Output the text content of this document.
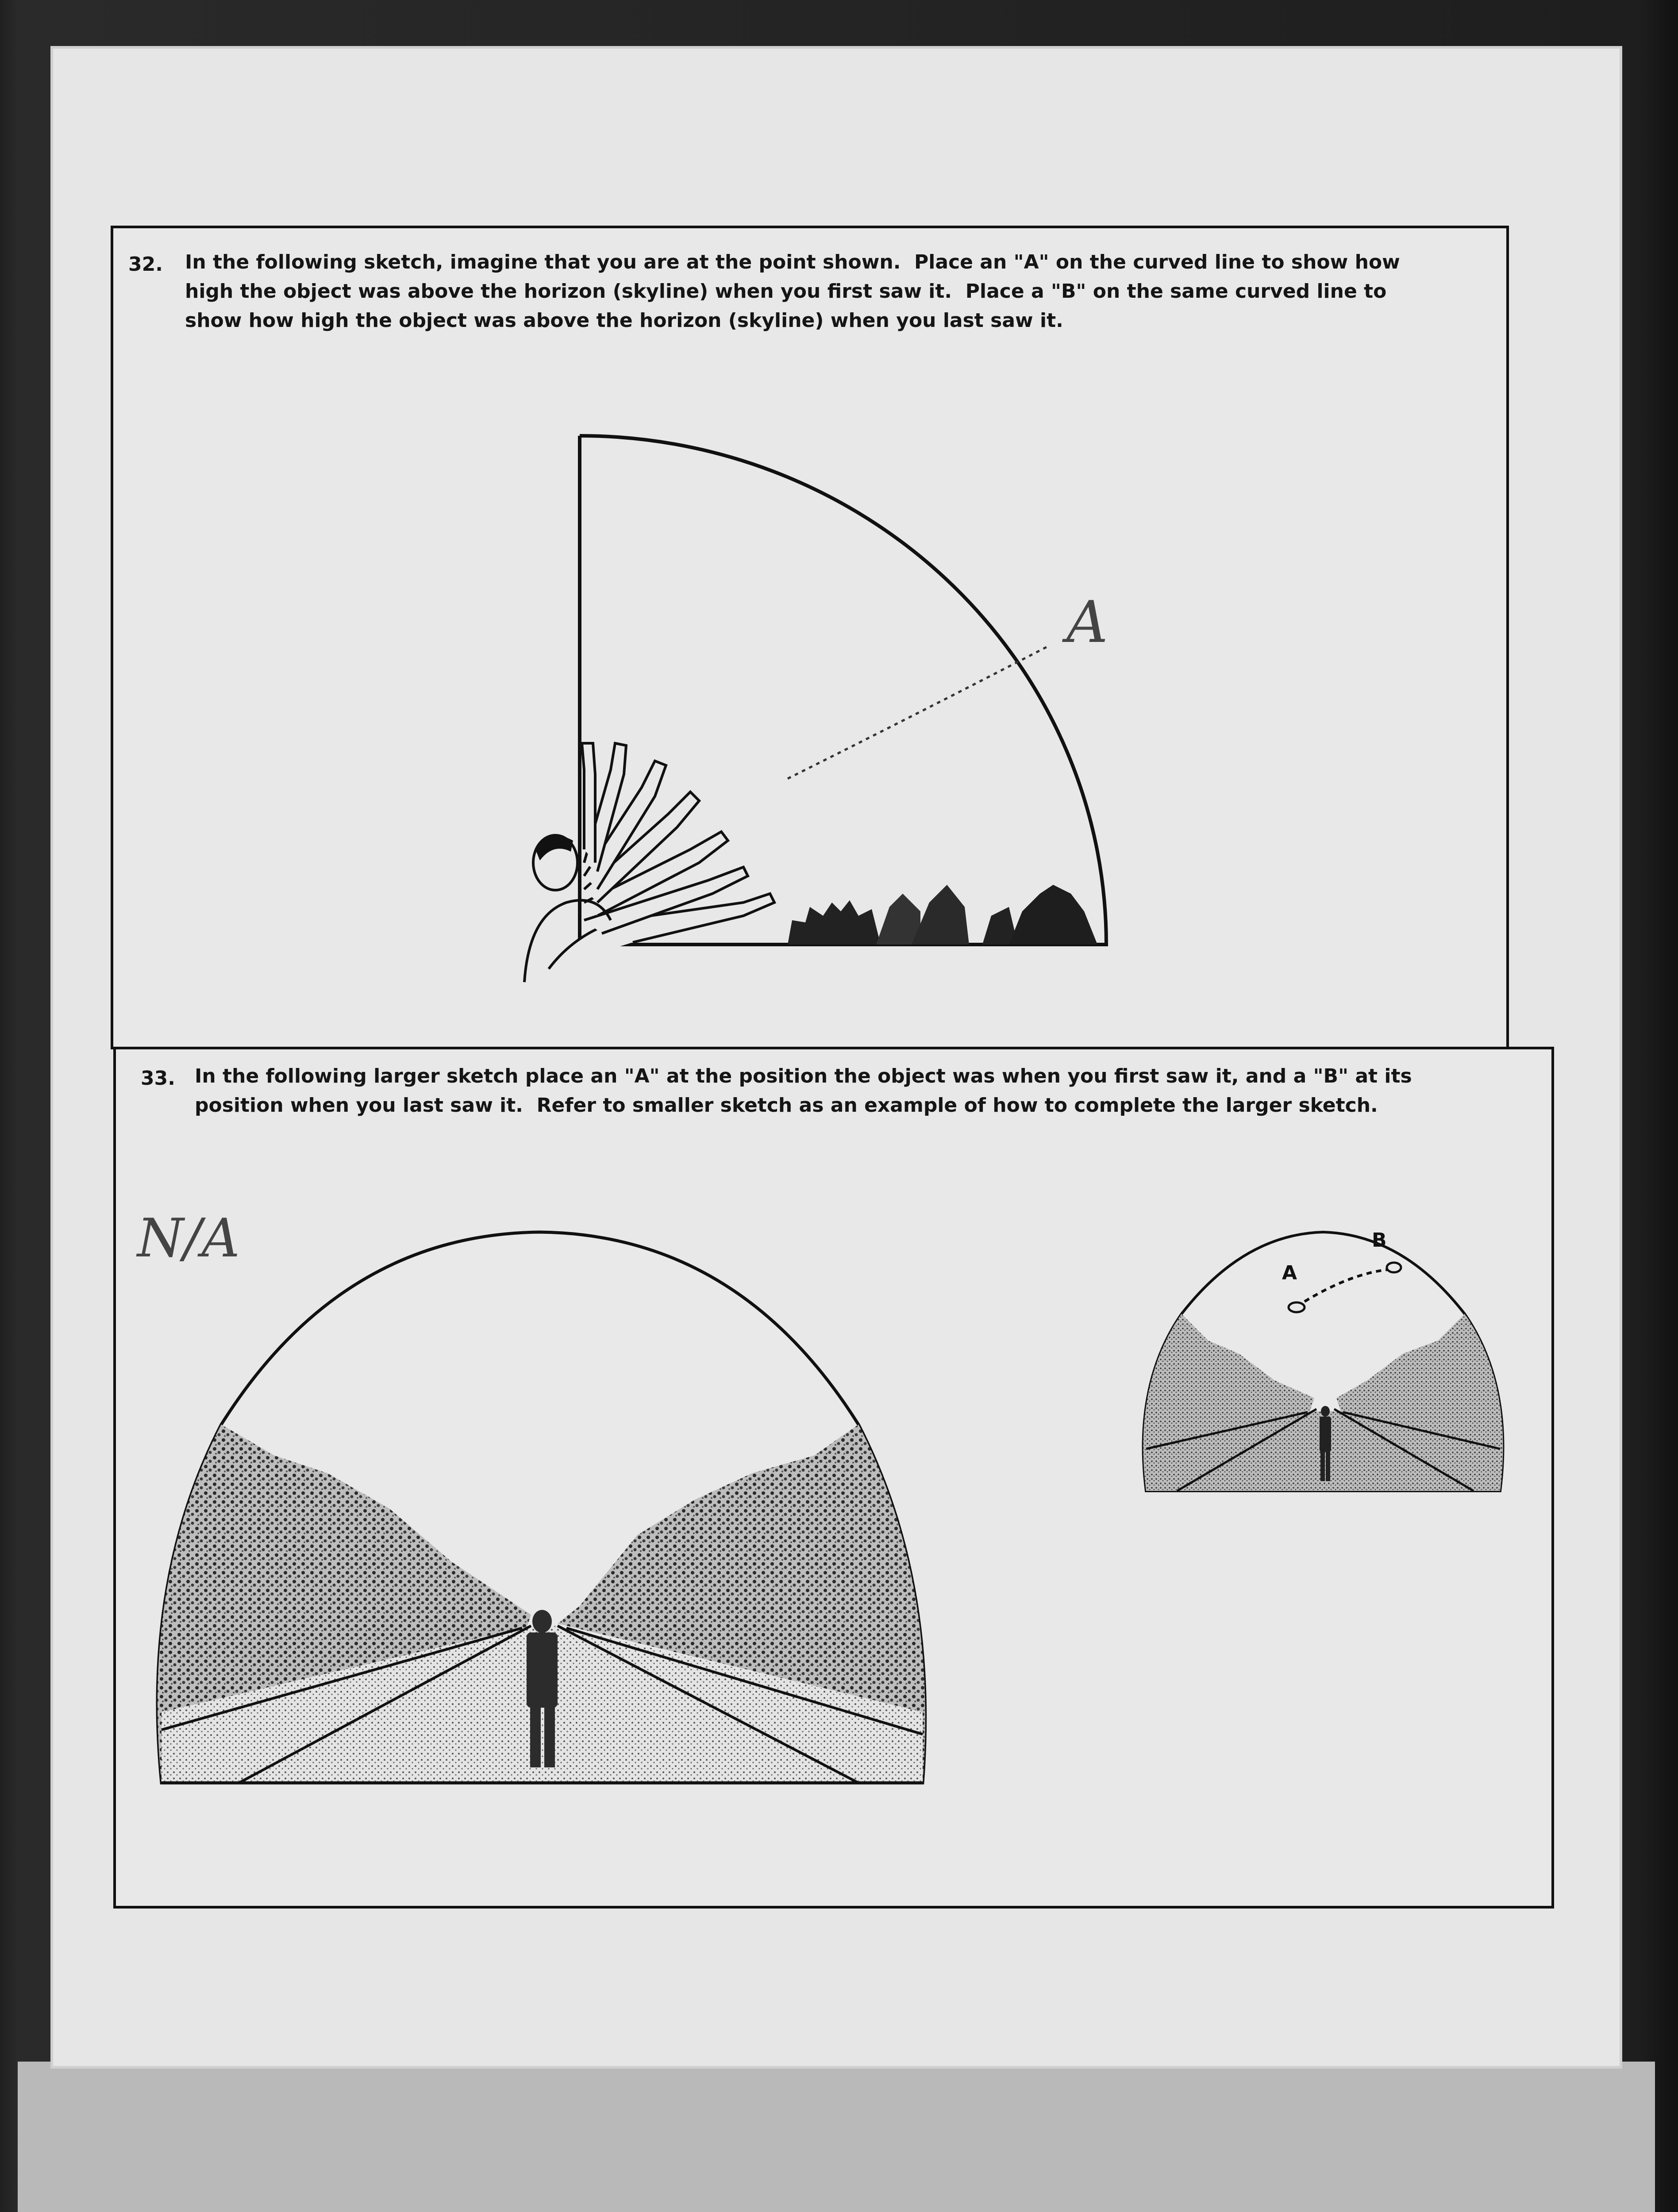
32. In the following sketch, imagine that you are at the point shown.  Place an "A" on the curved line to show how
high the object was above the horizon (skyline) when you first saw it.  Place a "B" on the same curved line to
show how high the object was above the horizon (skyline) when you last saw it.
A
33. In the following larger sketch place an "A" at the position the object was when you first saw it, and a "B" at its
position when you last saw it.  Refer to smaller sketch as an example of how to complete the larger sketch.
N/A
A
B
